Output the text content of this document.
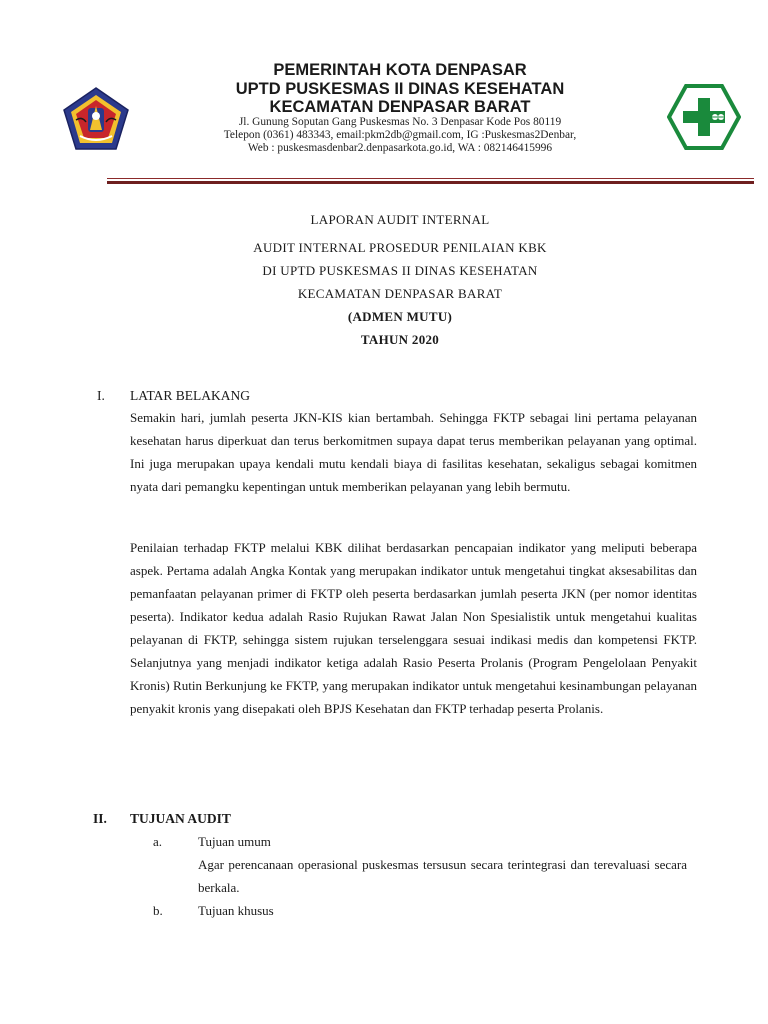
PEMERINTAH KOTA DENPASAR
UPTD PUSKESMAS II DINAS KESEHATAN
KECAMATAN DENPASAR BARAT
Jl. Gunung Soputan Gang Puskesmas No. 3 Denpasar Kode Pos 80119
Telepon (0361) 483343, email:pkm2db@gmail.com, IG :Puskesmas2Denbar,
Web : puskesmasdenbar2.denpasarkota.go.id, WA : 082146415996
LAPORAN AUDIT INTERNAL
AUDIT INTERNAL PROSEDUR PENILAIAN KBK
DI UPTD PUSKESMAS II DINAS KESEHATAN
KECAMATAN DENPASAR BARAT
(ADMEN MUTU)
TAHUN 2020
I. LATAR BELAKANG

Semakin hari, jumlah peserta JKN-KIS kian bertambah. Sehingga FKTP sebagai lini pertama pelayanan kesehatan harus diperkuat dan terus berkomitmen supaya dapat terus memberikan pelayanan yang optimal. Ini juga merupakan upaya kendali mutu kendali biaya di fasilitas kesehatan, sekaligus sebagai komitmen nyata dari pemangku kepentingan untuk memberikan pelayanan yang lebih bermutu.

Penilaian terhadap FKTP melalui KBK dilihat berdasarkan pencapaian indikator yang meliputi beberapa aspek. Pertama adalah Angka Kontak yang merupakan indikator untuk mengetahui tingkat aksesabilitas dan pemanfaatan pelayanan primer di FKTP oleh peserta berdasarkan jumlah peserta JKN (per nomor identitas peserta). Indikator kedua adalah Rasio Rujukan Rawat Jalan Non Spesialistik untuk mengetahui kualitas pelayanan di FKTP, sehingga sistem rujukan terselenggara sesuai indikasi medis dan kompetensi FKTP. Selanjutnya yang menjadi indikator ketiga adalah Rasio Peserta Prolanis (Program Pengelolaan Penyakit Kronis) Rutin Berkunjung ke FKTP, yang merupakan indikator untuk mengetahui kesinambungan pelayanan penyakit kronis yang disepakati oleh BPJS Kesehatan dan FKTP terhadap peserta Prolanis.

II. TUJUAN AUDIT
a.	Tujuan umum

Agar perencanaan operasional puskesmas tersusun secara terintegrasi dan terevaluasi secara berkala.

b.	Tujuan khusus
